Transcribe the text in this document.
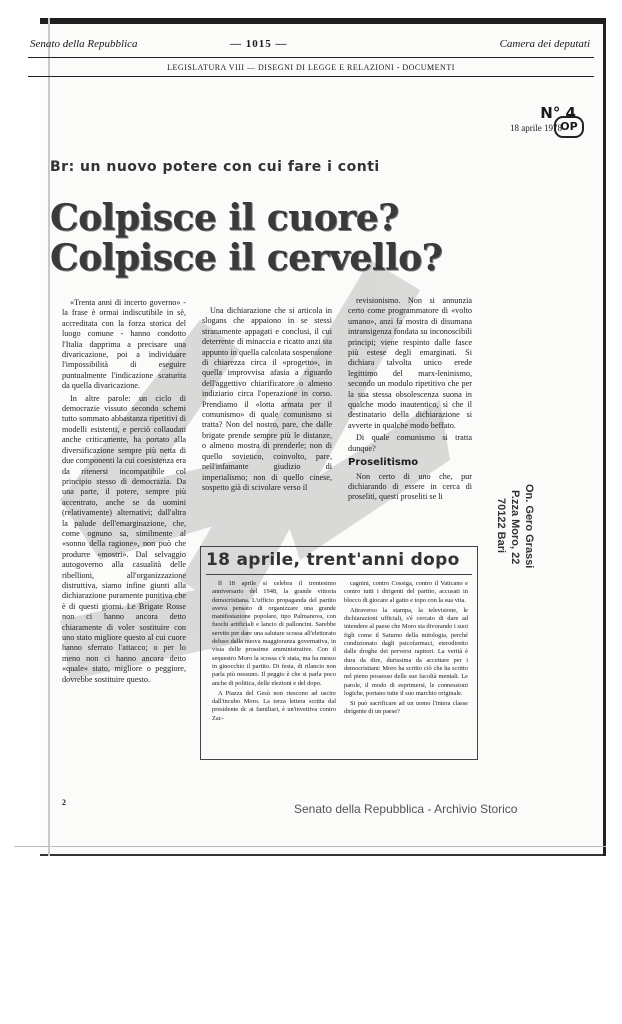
Senato della Repubblica	— 1015 —	Camera dei deputati
LEGISLATURA VIII — DISEGNI DI LEGGE E RELAZIONI - DOCUMENTI
N° 4
18 aprile 1978
OP
Br: un nuovo potere con cui fare i conti
Colpisce il cuore?
Colpisce il cervello?

«Trenta anni di incerto governo» - la frase è ormai indiscutibile in sè, accreditata con la forza storica del luogo comune - hanno condotto l'Italia dapprima a precisare una divaricazione, poi a individuare l'impossibilità di eseguire puntualmente l'indicazione scaturita da quella divaricazione.

In altre parole: un ciclo di democrazie vissuto secondo schemi tutto sommato abbastanza ripetitivi di modelli esistenti, e perciò collaudati anche criticamente, ha portato alla diversificazione sempre più netta di due componenti la cui coesistenza era da ritenersi incompatibile col principio stesso di democrazia. Da una parte, il potere, sempre più accentrato, anche se da uomini (relativamente) alternativi; dall'altra la palude dell'emarginazione, che, come ognuno sa, similmente al «sonno della ragione», non può che produrre «mostri». Dal selvaggio autogoverno alla casualità delle ribellioni, all'organizzazione distruttiva, siamo infine giunti alla dichiarazione puramente punitiva che è di questi giorni. Le Brigate Rosse non ci hanno ancora detto chiaramente di voler sostituire con uno stato migliore questo al cui cuore hanno sferrato l'attacco; o per lo meno non ci hanno ancora detto «quale» stato, migliore o peggiore, dovrebbe sostituire questo.

Una dichiarazione che si articola in slogans che appaiono in se stessi stranamente appagati e conclusi, il cui deterrente di minaccia e ricatto anzi sta appunto in quella calcolata sospensione di chiarezza circa il «progetto», in quella improvvisa afasia a riguardo dell'aggettivo chiarificatore o almeno indiziario circa l'operazione in corso. Prendiamo il «lotta armata per il comunismo» di quale comunismo si tratta? Non del nostro, pare, che dalle brigate prende sempre più le distanze, o almeno mostra di prenderle; non di quello sovietico, coinvolto, pare, nell'infamante giudizio di imperialismo; non di quello cinese, sospetto già di scivolare verso il

revisionismo. Non si annunzia certo come programmatore di «volto umano», anzi fa mostra di disumana intransigenza fondata su inconoscibili principi; viene respinto dalle fasce più estese degli emarginati. Si dichiara talvolta unico erede legittimo del marx-leninismo, secondo un modulo ripetitivo che per la sua stessa obsolescenza suona in qualche modo inautentico, sì che il destinatario della dichiarazione si avverte in qualche modo beffato.

Di quale comunismo si tratta dunque?

Proselitismo

Non certo di uno che, pur dichiarando di essere in cerca di proseliti, questi proseliti se li

18 aprile, trent'anni dopo

Il 18 aprile si celebra il trentesimo anniversario del 1948, la grande vittoria democristiana. L'ufficio propaganda del partito aveva pensato di organizzare una grande manifestazione popolare, tipo Palmanova, con fuochi artificiali e lancio di palloncini. Sarebbe servito per dare una salutare scossa all'elettorato deluso dalla nuova maggioranza governativa, in vista delle prossime amministrative. Con il sequestro Moro la scossa c'è stata, ma ha messo in ginocchio il partito. Di festa, di rilancio non parla più nessuno. Il peggio è che si parla poco anche di politica, delle elezioni e del dopo.

A Piazza del Gesù non riescono ad uscire dall'incubo Moro. La terza lettera scritta dal presidente dc ai familiari, è un'invettiva contro Zac-

cagnini, contro Cossiga, contro il Vaticano e contro tutti i dirigenti del partito, accusati in blocco di giocare al gatto e topo con la sua vita.

Attraverso la stampa, la televisione, le dichiarazioni ufficiali, s'è cercato di dare ad intendere al paese che Moro sta divorando i suoi figli come il Saturno della mitologia, perché condizionato dagli psicofarmaci, eterodiretto dalle droghe dei perversi rapitori. La verità è dura da dire, durissima da accettare per i democristiani: Moro ha scritto ciò che ha scritto nel pieno possesso delle sue facoltà mentali. Le parole, il modo di esprimersi, le connessioni logiche, portano tutte il suo marchio originale.

Si può sacrificare ad un uomo l'intera classe dirigente di un paese?

On. Gero Grassi
P.zza Moro, 22
70122 Bari
2	Senato della Repubblica - Archivio Storico
